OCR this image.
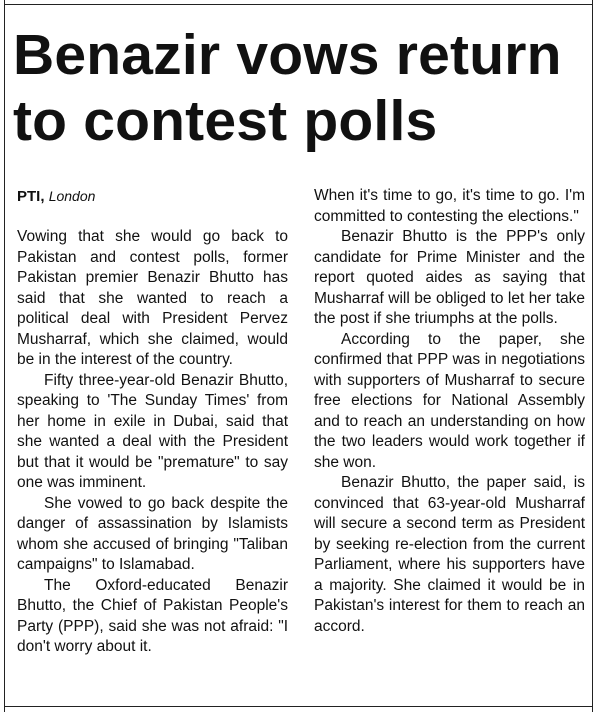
Benazir vows return to contest polls

PTI, London

Vowing that she would go back to Pakistan and contest polls, former Pakistan premier Benazir Bhutto has said that she wanted to reach a political deal with President Pervez Musharraf, which she claimed, would be in the interest of the country.

Fifty three-year-old Benazir Bhutto, speaking to 'The Sunday Times' from her home in exile in Dubai, said that she wanted a deal with the President but that it would be "premature" to say one was imminent.

She vowed to go back despite the danger of assassination by Islamists whom she accused of bringing "Taliban campaigns" to Islamabad.

The Oxford-educated Benazir Bhutto, the Chief of Pakistan People's Party (PPP), said she was not afraid: "I don't worry about it.

When it's time to go, it's time to go. I'm committed to contesting the elections."

Benazir Bhutto is the PPP's only candidate for Prime Minister and the report quoted aides as saying that Musharraf will be obliged to let her take the post if she triumphs at the polls.

According to the paper, she confirmed that PPP was in negotiations with supporters of Musharraf to secure free elections for National Assembly and to reach an understanding on how the two leaders would work together if she won.

Benazir Bhutto, the paper said, is convinced that 63-year-old Musharraf will secure a second term as President by seeking re-election from the current Parliament, where his supporters have a majority. She claimed it would be in Pakistan's interest for them to reach an accord.
